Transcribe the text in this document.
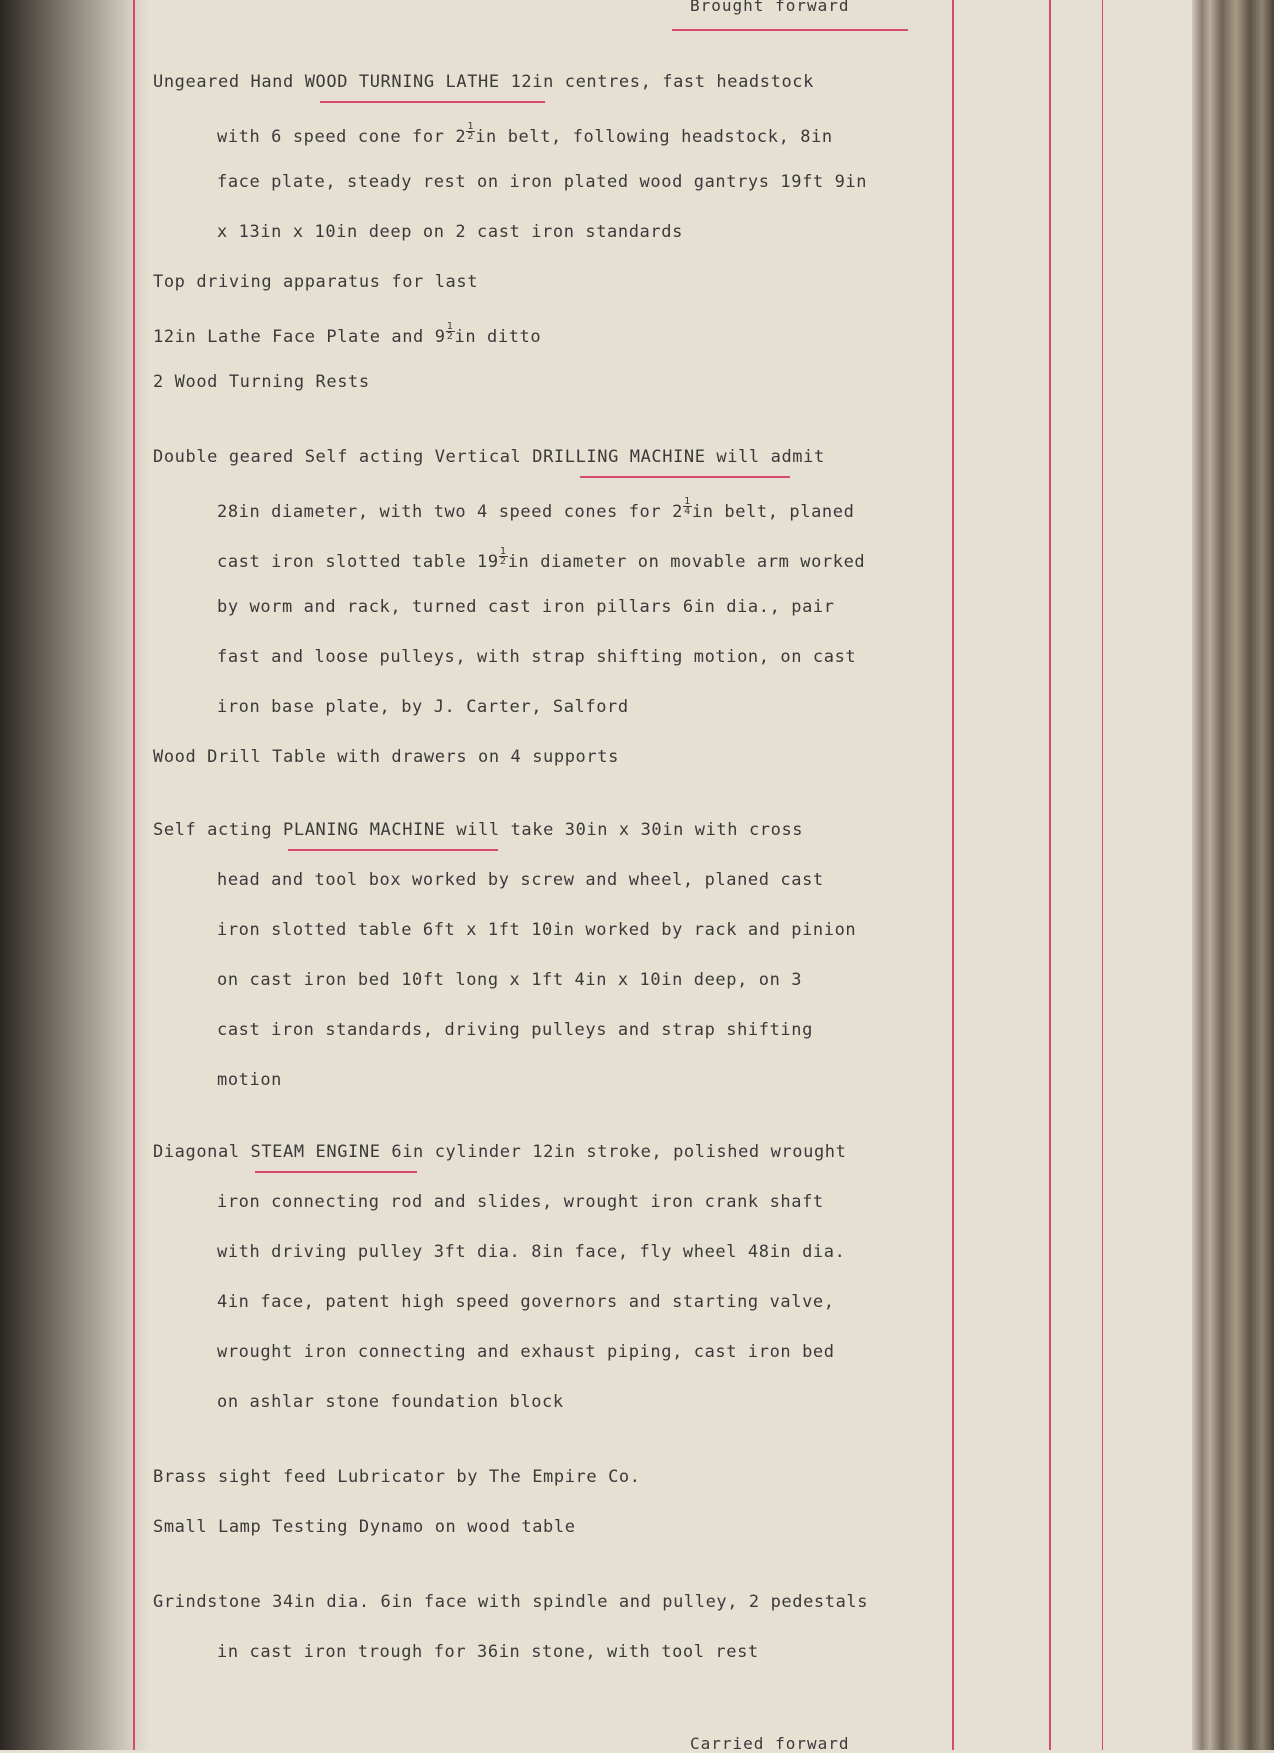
Brought forward
Ungeared Hand WOOD TURNING LATHE 12in centres, fast headstock
with 6 speed cone for $2 \frac{1}{2}$ in belt, following headstock, 8in
face plate, steady rest on iron plated wood gantrys 19ft 9in
x 13in x 10in deep on 2 cast iron standards
Top driving apparatus for last
12in Lathe Face Plate and $9 \frac{1}{2}$ in ditto
2 Wood Turning Rests
Double geared Self acting Vertical DRILLING MACHINE will admit
28in diameter, with two 4 speed cones for $2 \frac{1}{4}$ in belt, planed
cast iron slotted table $19 \frac{1}{2}$ in diameter on movable arm worked
by worm and rack, turned cast iron pillars 6in dia., pair
fast and loose pulleys, with strap shifting motion, on cast
iron base plate, by J. Carter, Salford
Wood Drill Table with drawers on 4 supports
Self acting PLANING MACHINE will take 30in x 30in with cross
head and tool box worked by screw and wheel, planed cast
iron slotted table 6ft x 1ft 10in worked by rack and pinion
on cast iron bed 10ft long x 1ft 4in x 10in deep, on 3
cast iron standards, driving pulleys and strap shifting
motion
Diagonal STEAM ENGINE 6in cylinder 12in stroke, polished wrought
iron connecting rod and slides, wrought iron crank shaft
with driving pulley 3ft dia. 8in face, fly wheel 48in dia.
4in face, patent high speed governors and starting valve,
wrought iron connecting and exhaust piping, cast iron bed
on ashlar stone foundation block
Brass sight feed Lubricator by The Empire Co.
Small Lamp Testing Dynamo on wood table
Grindstone 34in dia. 6in face with spindle and pulley, 2 pedestals
in cast iron trough for 36in stone, with tool rest
Carried forward
